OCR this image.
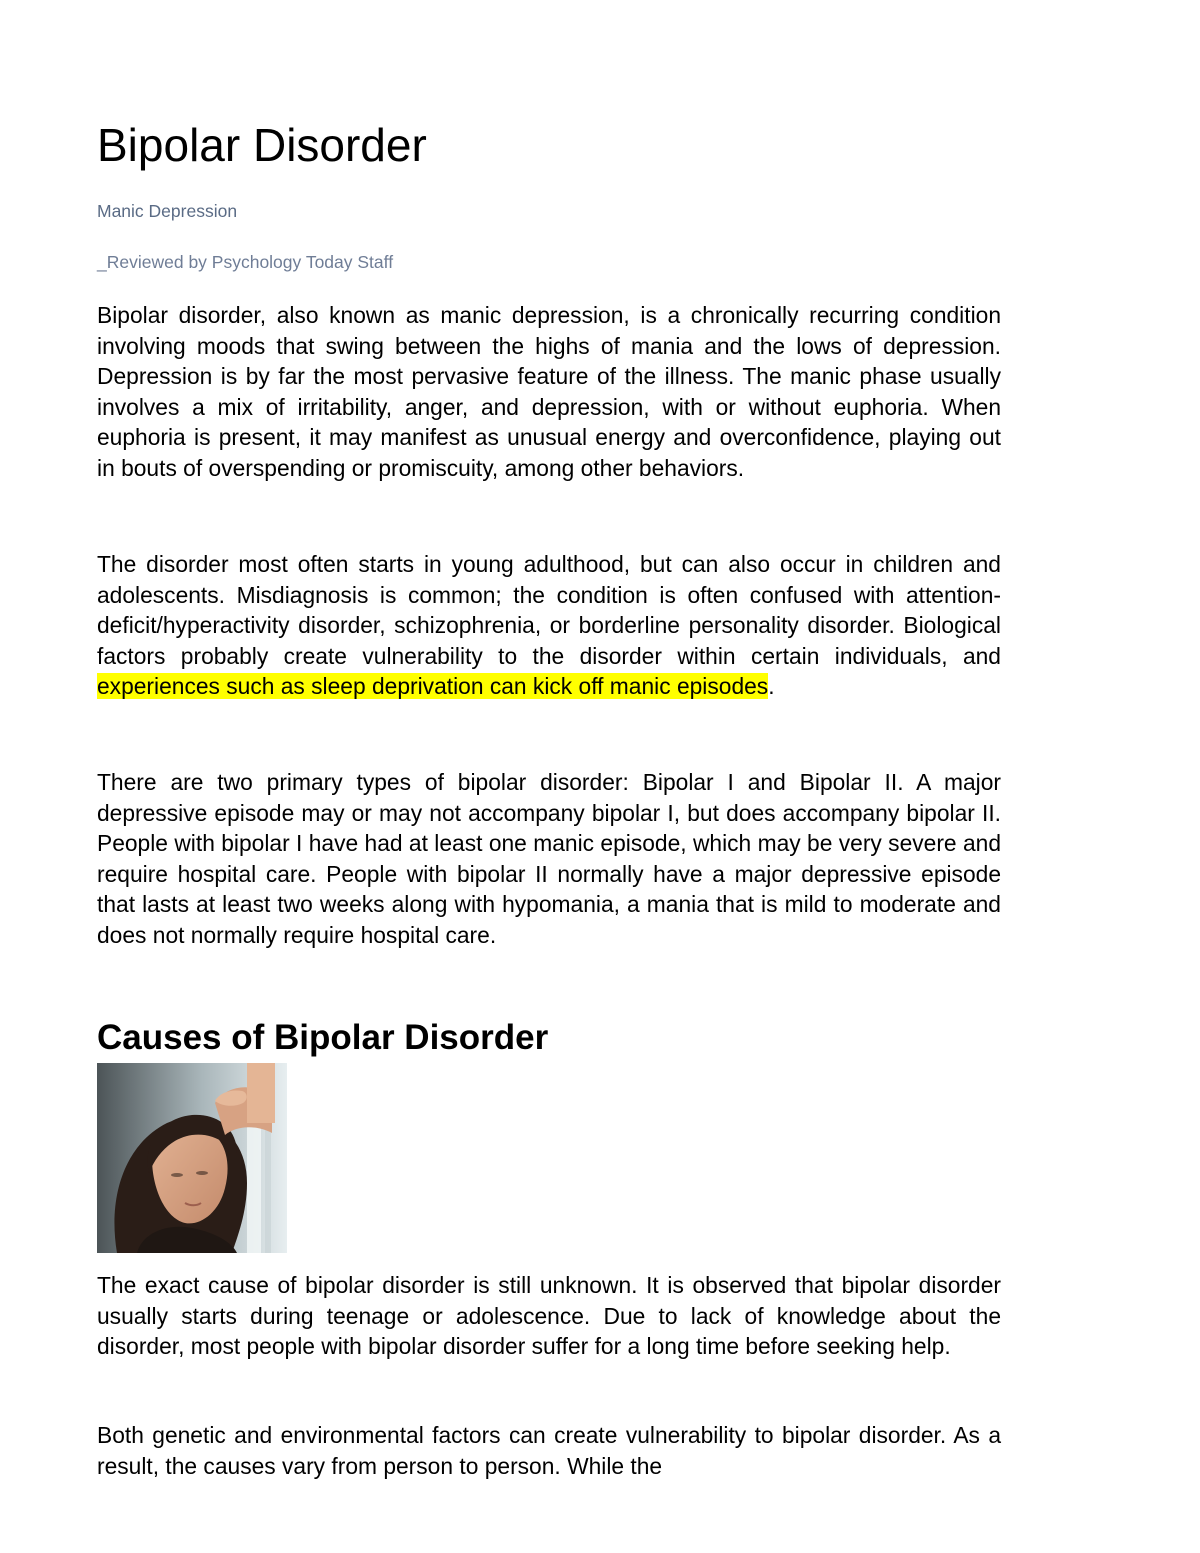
Bipolar Disorder

Manic Depression

_Reviewed by Psychology Today Staff

Bipolar disorder, also known as manic depression, is a chronically recurring condition involving moods that swing between the highs of mania and the lows of depression. Depression is by far the most pervasive feature of the illness. The manic phase usually involves a mix of irritability, anger, and depression, with or without euphoria. When euphoria is present, it may manifest as unusual energy and overconfidence, playing out in bouts of overspending or promiscuity, among other behaviors.

The disorder most often starts in young adulthood, but can also occur in children and adolescents. Misdiagnosis is common; the condition is often confused with attention-deficit/hyperactivity disorder, schizophrenia, or borderline personality disorder. Biological factors probably create vulnerability to the disorder within certain individuals, and experiences such as sleep deprivation can kick off manic episodes.

There are two primary types of bipolar disorder: Bipolar I and Bipolar II. A major depressive episode may or may not accompany bipolar I, but does accompany bipolar II. People with bipolar I have had at least one manic episode, which may be very severe and require hospital care. People with bipolar II normally have a major depressive episode that lasts at least two weeks along with hypomania, a mania that is mild to moderate and does not normally require hospital care.

Causes of Bipolar Disorder

The exact cause of bipolar disorder is still unknown. It is observed that bipolar disorder usually starts during teenage or adolescence. Due to lack of knowledge about the disorder, most people with bipolar disorder suffer for a long time before seeking help.

Both genetic and environmental factors can create vulnerability to bipolar disorder. As a result, the causes vary from person to person. While the
